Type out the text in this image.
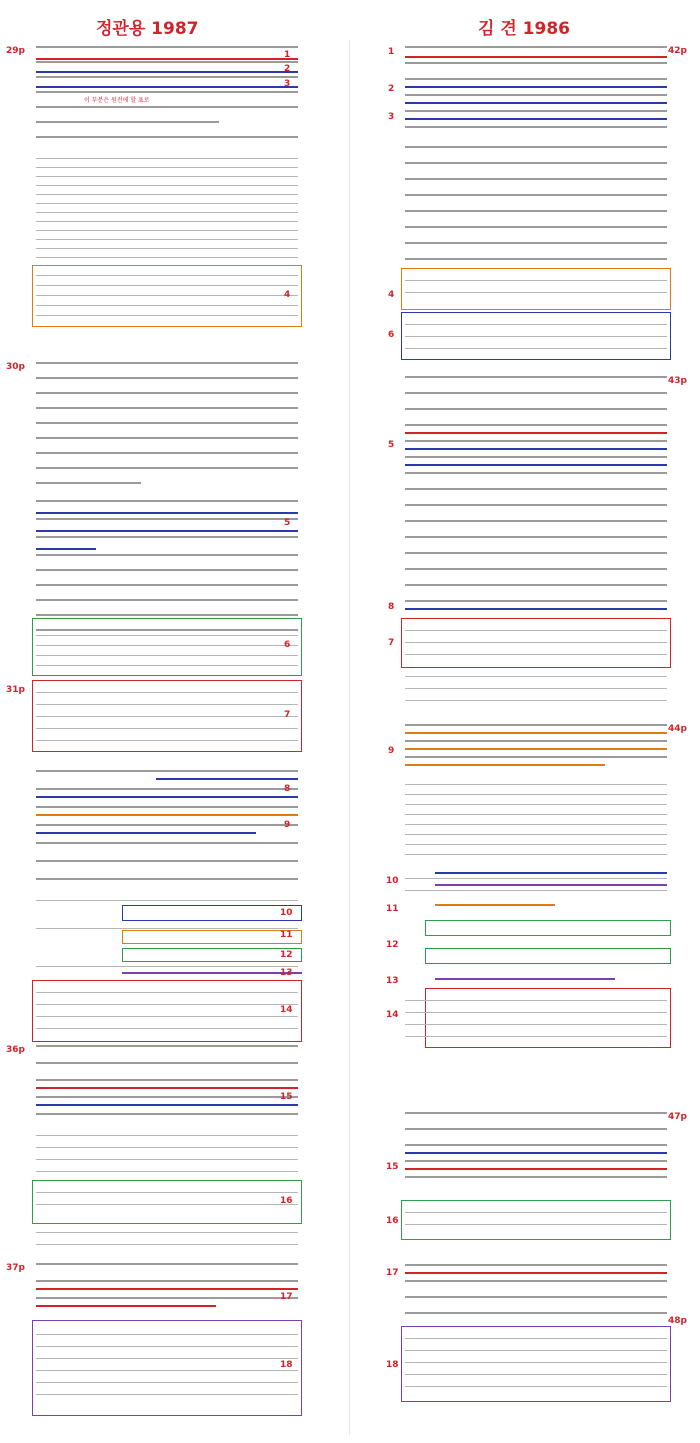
정관용 1987	김 견 1986
29p
30p
31p
36p
37p
42p
43p
44p
47p
48p
이 부분은 원전에 할 표로
1
2
3
4
5
6
7
8
9
10
11
12
13
14
15
16
17
18
1
2
3
4
5
6
7
8
9
10
11
12
13
14
15
16
17
18
